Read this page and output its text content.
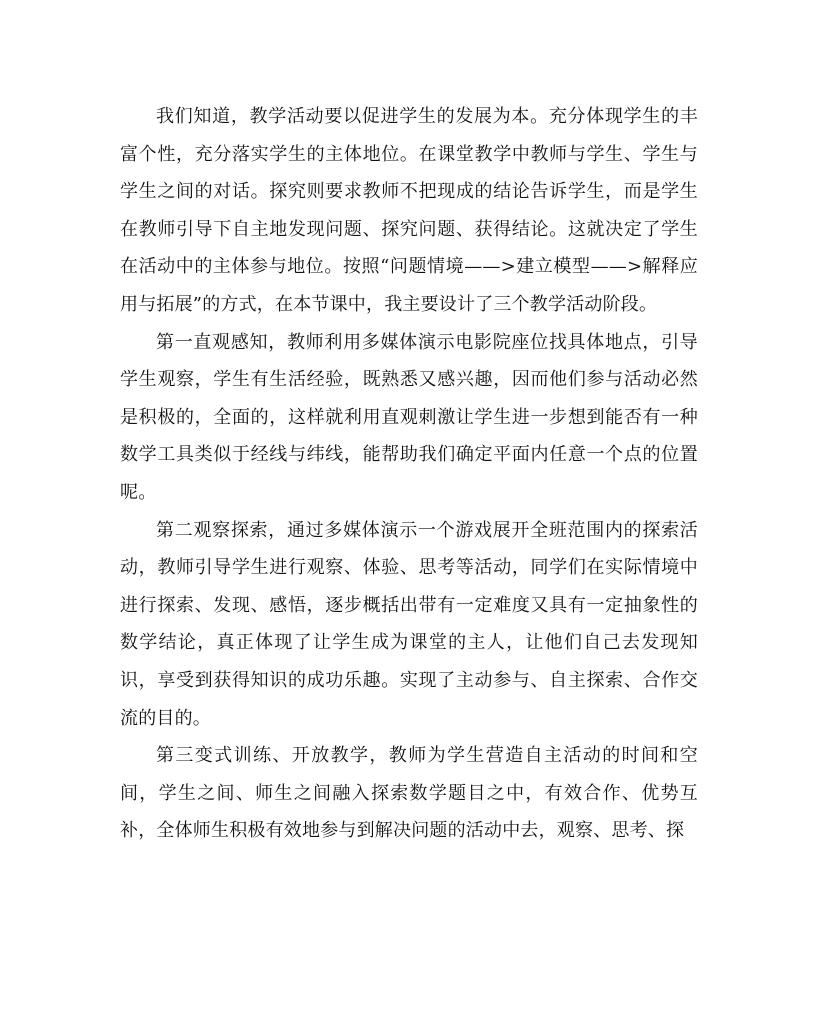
我们知道，教学活动要以促进学生的发展为本。充分体现学生的丰富个性，充分落实学生的主体地位。在课堂教学中教师与学生、学生与学生之间的对话。探究则要求教师不把现成的结论告诉学生，而是学生在教师引导下自主地发现问题、探究问题、获得结论。这就决定了学生在活动中的主体参与地位。按照“问题情境——>建立模型——>解释应用与拓展”的方式，在本节课中，我主要设计了三个教学活动阶段。

第一直观感知，教师利用多媒体演示电影院座位找具体地点，引导学生观察，学生有生活经验，既熟悉又感兴趣，因而他们参与活动必然是积极的，全面的，这样就利用直观刺激让学生进一步想到能否有一种数学工具类似于经线与纬线，能帮助我们确定平面内任意一个点的位置呢。

第二观察探索，通过多媒体演示一个游戏展开全班范围内的探索活动，教师引导学生进行观察、体验、思考等活动，同学们在实际情境中进行探索、发现、感悟，逐步概括出带有一定难度又具有一定抽象性的数学结论，真正体现了让学生成为课堂的主人，让他们自己去发现知识，享受到获得知识的成功乐趣。实现了主动参与、自主探索、合作交流的目的。

第三变式训练、开放教学，教师为学生营造自主活动的时间和空间，学生之间、师生之间融入探索数学题目之中，有效合作、优势互补，全体师生积极有效地参与到解决问题的活动中去，观察、思考、探
